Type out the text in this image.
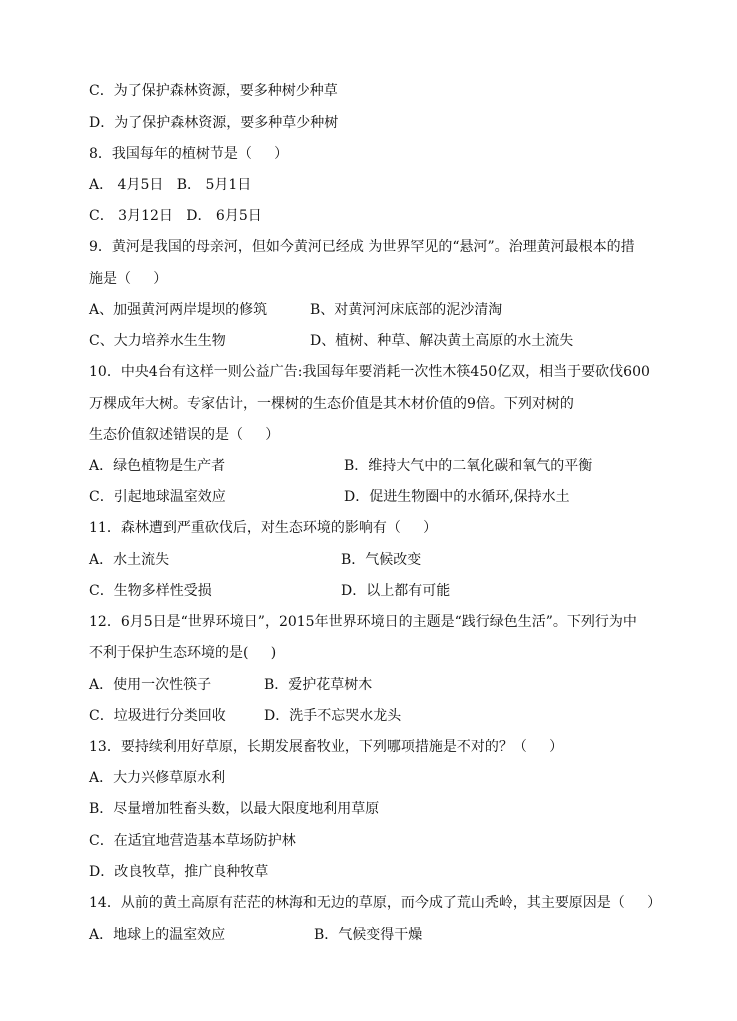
C．为了保护森林资源，要多种树少种草
D．为了保护森林资源，要多种草少种树
8．我国每年的植树节是（     ）
A． 4月5日   B． 5月1日
C． 3月12日   D． 6月5日
9．黄河是我国的母亲河，但如今黄河已经成 为世界罕见的“悬河”。治理黄河最根本的措
施是（     ）
A、加强黄河两岸堤坝的修筑	B、对黄河河床底部的泥沙清淘
C、大力培养水生生物	D、植树、种草、解决黄土高原的水土流失
10．中央4台有这样一则公益广告:我国每年要消耗一次性木筷450亿双，相当于要砍伐600
万棵成年大树。专家估计，一棵树的生态价值是其木材价值的9倍。下列对树的
生态价值叙述错误的是（     ）
A．绿色植物是生产者	B．维持大气中的二氧化碳和氧气的平衡
C．引起地球温室效应	D．促进生物圈中的水循环,保持水土
11．森林遭到严重砍伐后，对生态环境的影响有（     ）
A．水土流失	B．气候改变
C．生物多样性受损	D．以上都有可能
12．6月5日是“世界环境日”，2015年世界环境日的主题是“践行绿色生活”。下列行为中
不利于保护生态环境的是(     )
A．使用一次性筷子	B．爱护花草树木
C．垃圾进行分类回收	D．洗手不忘哭水龙头
13．要持续利用好草原，长期发展畜牧业，下列哪项措施是不对的？（     ）
A．大力兴修草原水利
B．尽量增加牲畜头数，以最大限度地利用草原
C．在适宜地营造基本草场防护林
D．改良牧草，推广良种牧草
14．从前的黄土高原有茫茫的林海和无边的草原，而今成了荒山秃岭，其主要原因是（     ）
A．地球上的温室效应	B．气候变得干燥
